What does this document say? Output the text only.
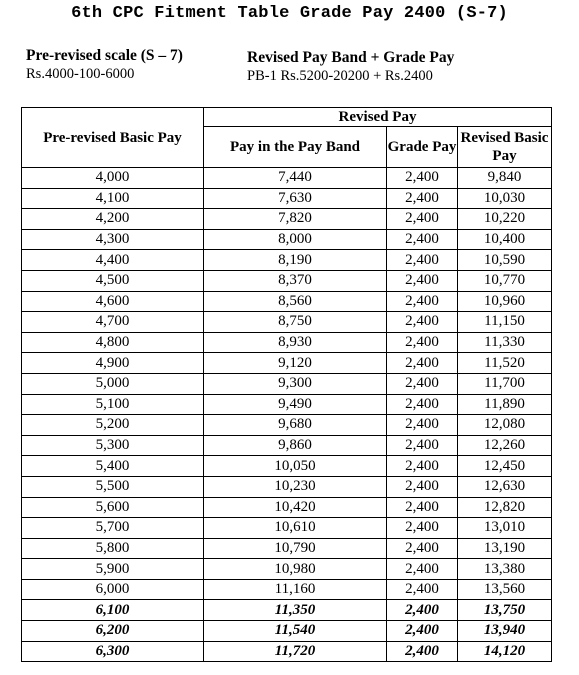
6th CPC Fitment Table Grade Pay 2400 (S-7)
Pre-revised scale (S – 7)
Rs.4000-100-6000
Revised Pay Band + Grade Pay
PB-1 Rs.5200-20200 + Rs.2400
Pre-revised Basic Pay	Revised Pay		
	Pay in the Pay Band	Grade Pay	Revised Basic Pay
4,000	7,440	2,400	9,840
4,100	7,630	2,400	10,030
4,200	7,820	2,400	10,220
4,300	8,000	2,400	10,400
4,400	8,190	2,400	10,590
4,500	8,370	2,400	10,770
4,600	8,560	2,400	10,960
4,700	8,750	2,400	11,150
4,800	8,930	2,400	11,330
4,900	9,120	2,400	11,520
5,000	9,300	2,400	11,700
5,100	9,490	2,400	11,890
5,200	9,680	2,400	12,080
5,300	9,860	2,400	12,260
5,400	10,050	2,400	12,450
5,500	10,230	2,400	12,630
5,600	10,420	2,400	12,820
5,700	10,610	2,400	13,010
5,800	10,790	2,400	13,190
5,900	10,980	2,400	13,380
6,000	11,160	2,400	13,560
6,100	11,350	2,400	13,750
6,200	11,540	2,400	13,940
6,300	11,720	2,400	14,120
